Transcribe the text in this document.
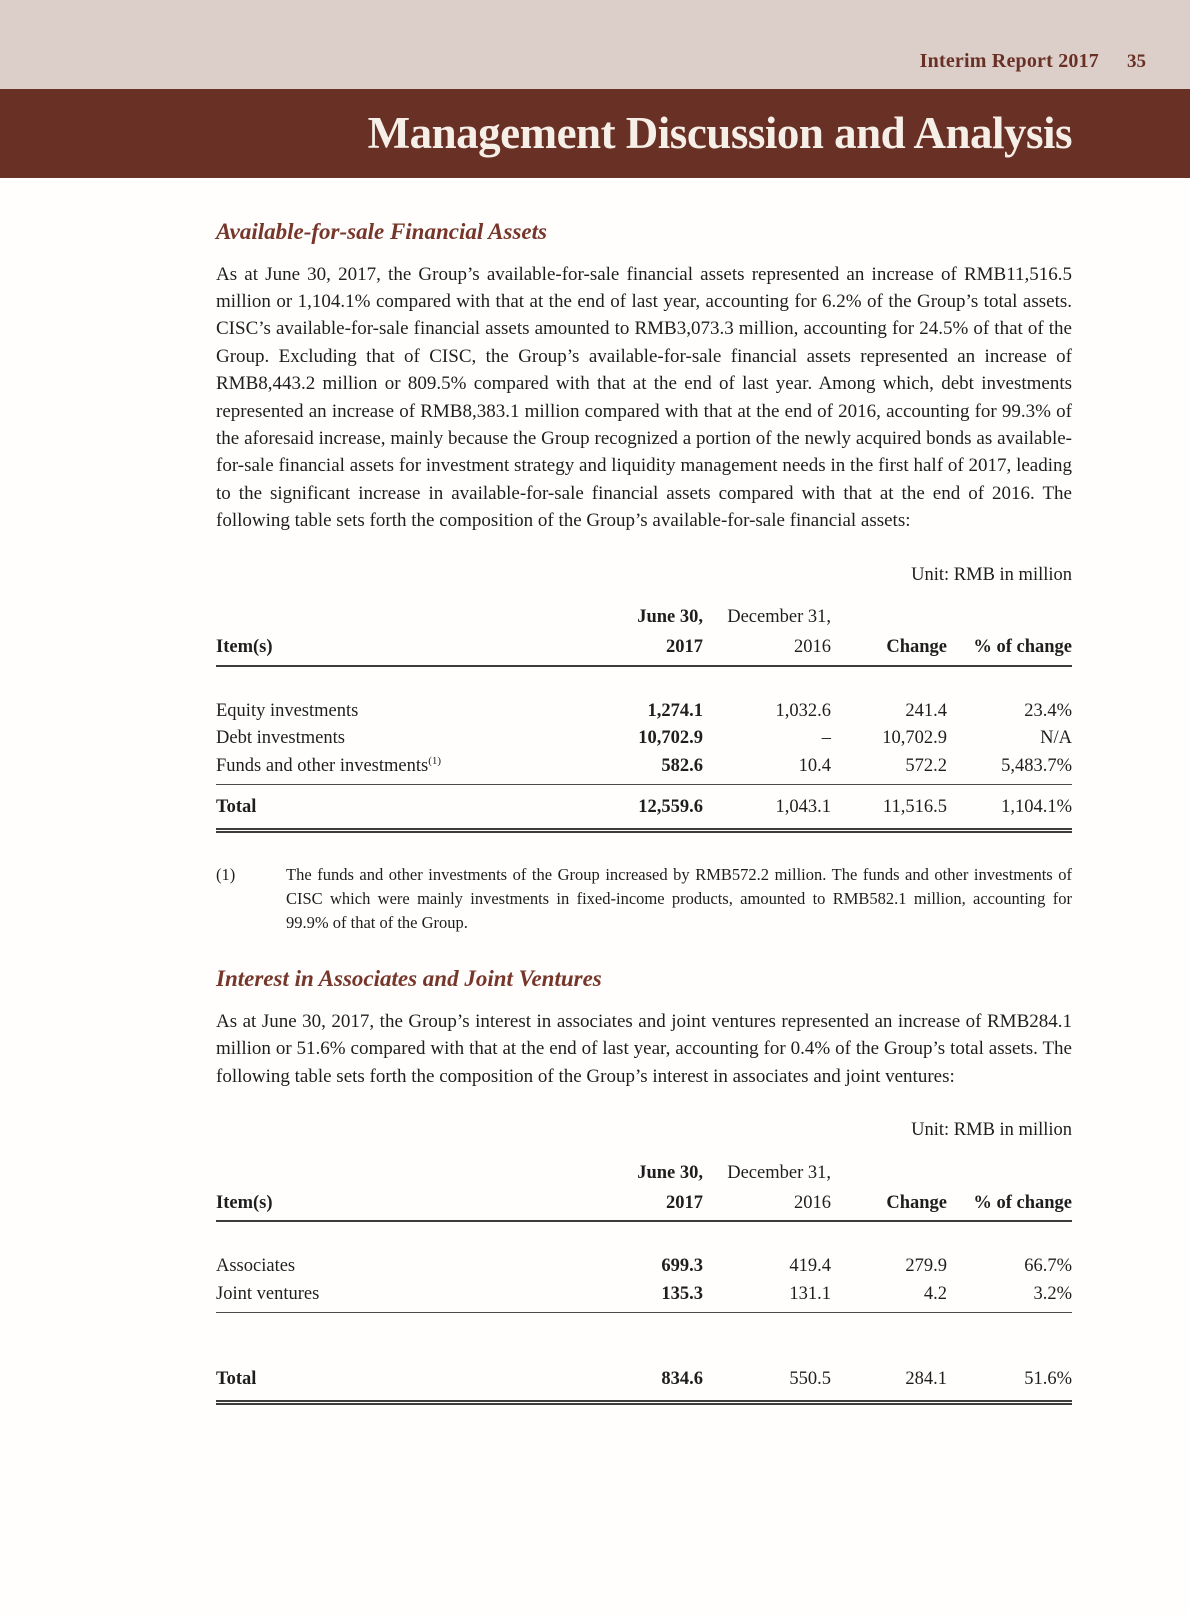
Interim Report 2017 35
Management Discussion and Analysis
Available-for-sale Financial Assets

As at June 30, 2017, the Group’s available-for-sale financial assets represented an increase of RMB11,516.5 million or 1,104.1% compared with that at the end of last year, accounting for 6.2% of the Group’s total assets. CISC’s available-for-sale financial assets amounted to RMB3,073.3 million, accounting for 24.5% of that of the Group. Excluding that of CISC, the Group’s available-for-sale financial assets represented an increase of RMB8,443.2 million or 809.5% compared with that at the end of last year. Among which, debt investments represented an increase of RMB8,383.1 million compared with that at the end of 2016, accounting for 99.3% of the aforesaid increase, mainly because the Group recognized a portion of the newly acquired bonds as available-for-sale financial assets for investment strategy and liquidity management needs in the first half of 2017, leading to the significant increase in available-for-sale financial assets compared with that at the end of 2016. The following table sets forth the composition of the Group’s available-for-sale financial assets:

Unit: RMB in million
	June 30,	December 31,		
Item(s)	2017	2016	Change	% of change

Equity investments	1,274.1	1,032.6	241.4	23.4%
Debt investments	10,702.9	–	10,702.9	N/A
Funds and other investments$^{(1)}$	582.6	10.4	572.2	5,483.7%
Total	12,559.6	1,043.1	11,516.5	1,104.1%
(1)	The funds and other investments of the Group increased by RMB572.2 million. The funds and other investments of CISC which were mainly investments in fixed-income products, amounted to RMB582.1 million, accounting for 99.9% of that of the Group.
Interest in Associates and Joint Ventures

As at June 30, 2017, the Group’s interest in associates and joint ventures represented an increase of RMB284.1 million or 51.6% compared with that at the end of last year, accounting for 0.4% of the Group’s total assets. The following table sets forth the composition of the Group’s interest in associates and joint ventures:

Unit: RMB in million
	June 30,	December 31,		
Item(s)	2017	2016	Change	% of change

Associates	699.3	419.4	279.9	66.7%
Joint ventures	135.3	131.1	4.2	3.2%

Total	834.6	550.5	284.1	51.6%
